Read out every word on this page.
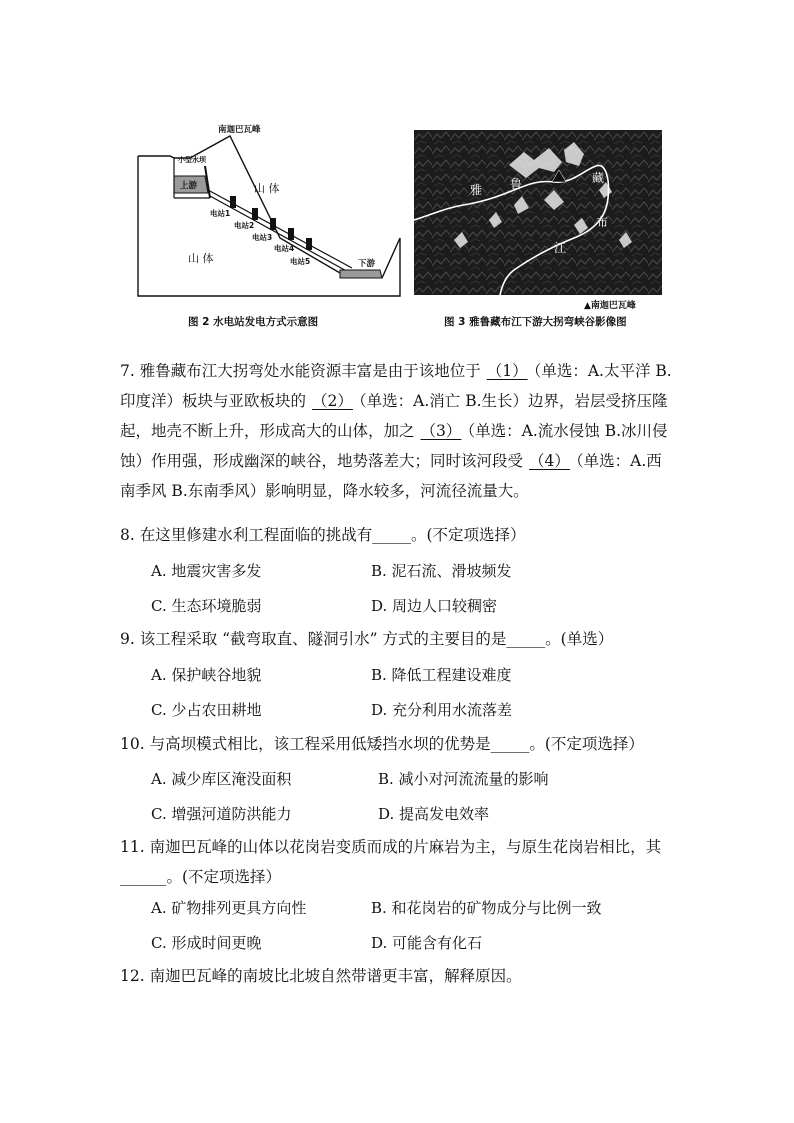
南迦巴瓦峰
小型水坝
上游	山 体
山 体
电站1
电站2
电站3
电站4
电站5	下游
图 2 水电站发电方式示意图
雅 鲁	藏
布
江
▲南迦巴瓦峰
图 3 雅鲁藏布江下游大拐弯峡谷影像图
7. 雅鲁藏布江大拐弯处水能资源丰富是由于该地位于 （1） （单选：A.太平洋 B.印度洋）板块与亚欧板块的 （2） （单选：A.消亡 B.生长）边界，岩层受挤压隆起，地壳不断上升，形成高大的山体，加之 （3） （单选：A.流水侵蚀 B.冰川侵蚀）作用强，形成幽深的峡谷，地势落差大；同时该河段受 （4） （单选：A.西南季风 B.东南季风）影响明显，降水较多，河流径流量大。
8. 在这里修建水利工程面临的挑战有_____。(不定项选择）
A. 地震灾害多发	B. 泥石流、滑坡频发
C. 生态环境脆弱	D. 周边人口较稠密
9. 该工程采取 “截弯取直、隧洞引水” 方式的主要目的是_____。(单选）
A. 保护峡谷地貌	B. 降低工程建设难度
C. 少占农田耕地	D. 充分利用水流落差
10. 与高坝模式相比，该工程采用低矮挡水坝的优势是_____。(不定项选择）
A. 减少库区淹没面积	B. 减小对河流流量的影响
C. 增强河道防洪能力	D. 提高发电效率
11. 南迦巴瓦峰的山体以花岗岩变质而成的片麻岩为主，与原生花岗岩相比，其______。(不定项选择）
A. 矿物排列更具方向性	B. 和花岗岩的矿物成分与比例一致
C. 形成时间更晚	D. 可能含有化石
12. 南迦巴瓦峰的南坡比北坡自然带谱更丰富，解释原因。
